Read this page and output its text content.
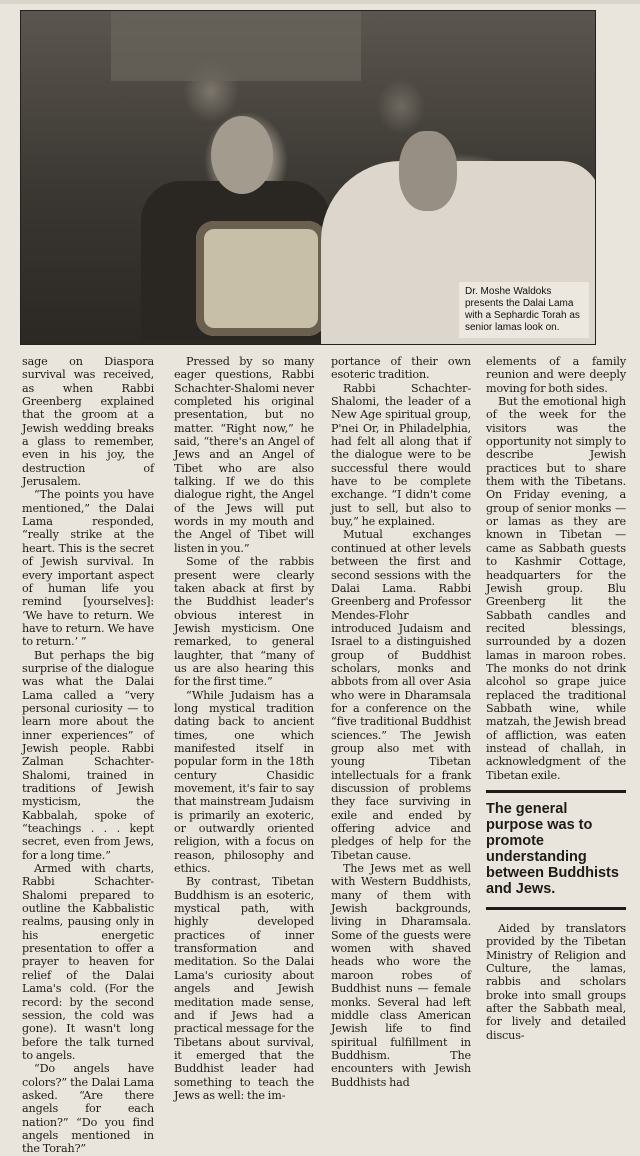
Dr. Moshe Waldoks presents the Dalai Lama with a Sephardic Torah as senior lamas look on.

sage on Diaspora survival was received, as when Rabbi Greenberg explained that the groom at a Jewish wedding breaks a glass to remember, even in his joy, the destruction of Jerusalem.

“The points you have mentioned,” the Dalai Lama responded, “really strike at the heart. This is the secret of Jewish survival. In every important aspect of human life you remind [yourselves]: ‘We have to return. We have to return. We have to return.’ ”

But perhaps the big surprise of the dialogue was what the Dalai Lama called a “very personal curiosity — to learn more about the inner experiences” of Jewish people. Rabbi Zalman Schachter-Shalomi, trained in traditions of Jewish mysticism, the Kabbalah, spoke of “teachings . . . kept secret, even from Jews, for a long time.”

Armed with charts, Rabbi Schachter-Shalomi prepared to outline the Kabbalistic realms, pausing only in his energetic presentation to offer a prayer to heaven for relief of the Dalai Lama's cold. (For the record: by the second session, the cold was gone). It wasn't long before the talk turned to angels.

“Do angels have colors?” the Dalai Lama asked. “Are there angels for each nation?” “Do you find angels mentioned in the Torah?”

Pressed by so many eager questions, Rabbi Schachter-Shalomi never completed his original presentation, but no matter. “Right now,” he said, “there's an Angel of Jews and an Angel of Tibet who are also talking. If we do this dialogue right, the Angel of the Jews will put words in my mouth and the Angel of Tibet will listen in you.”

Some of the rabbis present were clearly taken aback at first by the Buddhist leader's obvious interest in Jewish mysticism. One remarked, to general laughter, that “many of us are also hearing this for the first time.”

“While Judaism has a long mystical tradition dating back to ancient times, one which manifested itself in popular form in the 18th century Chasidic movement, it's fair to say that mainstream Judaism is primarily an exoteric, or outwardly oriented religion, with a focus on reason, philosophy and ethics.

By contrast, Tibetan Buddhism is an esoteric, mystical path, with highly developed practices of inner transformation and meditation. So the Dalai Lama's curiosity about angels and Jewish meditation made sense, and if Jews had a practical message for the Tibetans about survival, it emerged that the Buddhist leader had something to teach the Jews as well: the im-

portance of their own esoteric tradition.

Rabbi Schachter-Shalomi, the leader of a New Age spiritual group, P'nei Or, in Philadelphia, had felt all along that if the dialogue were to be successful there would have to be complete exchange. “I didn't come just to sell, but also to buy,” he explained.

Mutual exchanges continued at other levels between the first and second sessions with the Dalai Lama. Rabbi Greenberg and Professor Mendes-Flohr introduced Judaism and Israel to a distinguished group of Buddhist scholars, monks and abbots from all over Asia who were in Dharamsala for a conference on the “five traditional Buddhist sciences.” The Jewish group also met with young Tibetan intellectuals for a frank discussion of problems they face surviving in exile and ended by offering advice and pledges of help for the Tibetan cause.

The Jews met as well with Western Buddhists, many of them with Jewish backgrounds, living in Dharamsala. Some of the guests were women with shaved heads who wore the maroon robes of Buddhist nuns — female monks. Several had left middle class American Jewish life to find spiritual fulfillment in Buddhism. The encounters with Jewish Buddhists had

elements of a family reunion and were deeply moving for both sides.

But the emotional high of the week for the visitors was the opportunity not simply to describe Jewish practices but to share them with the Tibetans. On Friday evening, a group of senior monks — or lamas as they are known in Tibetan — came as Sabbath guests to Kashmir Cottage, headquarters for the Jewish group. Blu Greenberg lit the Sabbath candles and recited blessings, surrounded by a dozen lamas in maroon robes. The monks do not drink alcohol so grape juice replaced the traditional Sabbath wine, while matzah, the Jewish bread of affliction, was eaten instead of challah, in acknowledgment of the Tibetan exile.

The general purpose was to promote understanding between Buddhists and Jews.

Aided by translators provided by the Tibetan Ministry of Religion and Culture, the lamas, rabbis and scholars broke into small groups after the Sabbath meal, for lively and detailed discus-
